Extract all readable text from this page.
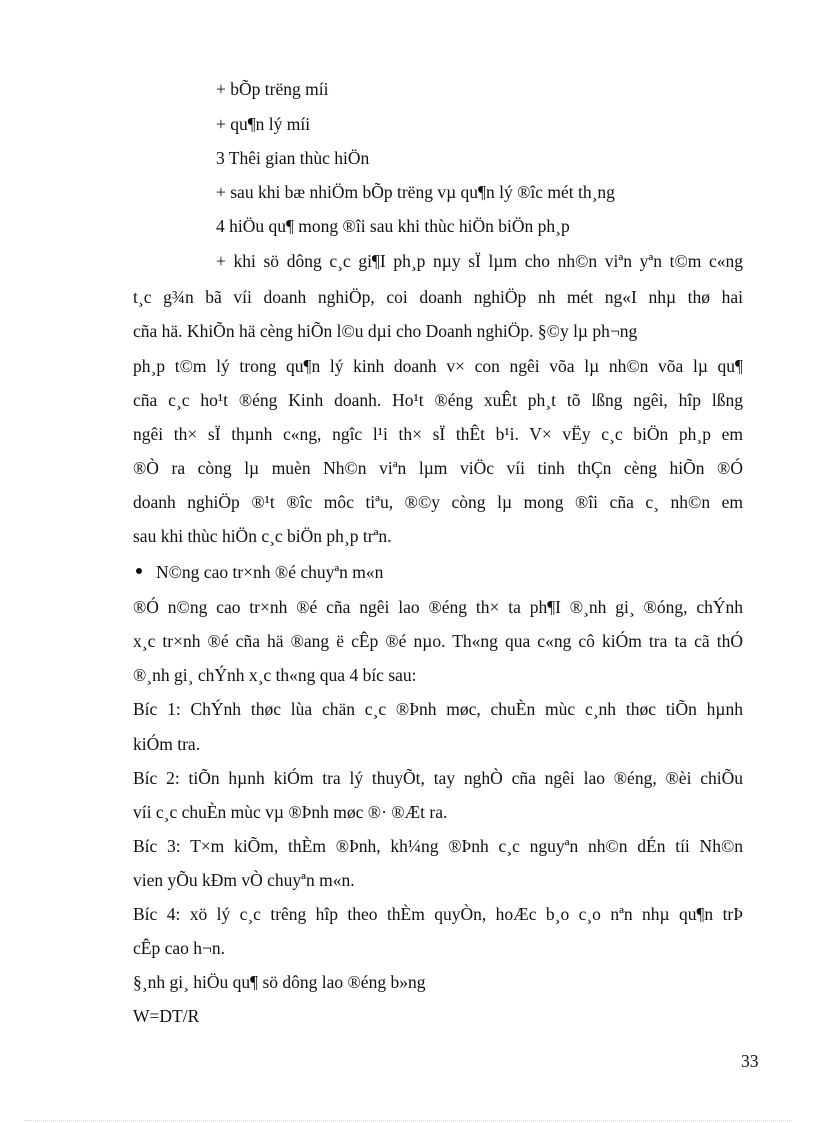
+ bÕp trëng míi
+ qu¶n lý míi
3 Thêi gian thùc hiÖn
+ sau khi bæ nhiÖm bÕp trëng vµ qu¶n lý ®îc mét th¸ng
4 hiÖu qu¶ mong ®îi sau khi thùc hiÖn biÖn ph¸p
+ khi sö dông c¸c gi¶I ph¸p nµy sÏ lµm cho nh©n viªn yªn t©m c«ng
t¸c g¾n bã víi doanh nghiÖp, coi doanh nghiÖp nh mét ng«I nhµ thø hai
cña hä. KhiÕn hä cèng hiÕn l©u dµi cho Doanh nghiÖp. §©y lµ ph¬ng
ph¸p t©m lý trong qu¶n lý kinh doanh v× con ngêi võa lµ nh©n võa lµ qu¶
cña c¸c ho¹t ®éng Kinh doanh. Ho¹t ®éng xuÊt ph¸t tõ lßng ngêi, hîp lßng
ngêi th× sÏ thµnh c«ng, ngîc l¹i th× sÏ thÊt b¹i. V× vËy c¸c biÖn ph¸p em
®Ò ra còng lµ muèn Nh©n viªn lµm viÖc víi tinh thÇn cèng hiÕn ®Ó
doanh nghiÖp ®¹t ®îc môc tiªu, ®©y còng lµ mong ®îi cña c¸ nh©n em
sau khi thùc hiÖn c¸c biÖn ph¸p trªn.
N©ng cao tr×nh ®é chuyªn m«n
®Ó n©ng cao tr×nh ®é cña ngêi lao ®éng th× ta ph¶I ®¸nh gi¸ ®óng, chÝnh
x¸c tr×nh ®é cña hä ®ang ë cÊp ®é nµo. Th«ng qua c«ng cô kiÓm tra ta cã thÓ
®¸nh gi¸ chÝnh x¸c th«ng qua 4 bíc sau:
Bíc 1: ChÝnh thøc lùa chän c¸c ®Þnh møc, chuÈn mùc c¸nh thøc tiÕn hµnh
kiÓm tra.
Bíc 2: tiÕn hµnh kiÓm tra lý thuyÕt, tay nghÒ cña ngêi lao ®éng, ®èi chiÕu
víi c¸c chuÈn mùc vµ ®Þnh møc ®· ®Æt ra.
Bíc 3: T×m kiÕm, thÈm ®Þnh, kh¼ng ®Þnh c¸c nguyªn nh©n dÉn tíi Nh©n
vien yÕu kÐm vÒ chuyªn m«n.
Bíc 4: xö lý c¸c trêng hîp theo thÈm quyÒn, hoÆc b¸o c¸o nªn nhµ qu¶n trÞ
cÊp cao h¬n.
§¸nh gi¸ hiÖu qu¶ sö dông lao ®éng b»ng
W=DT/R
33
